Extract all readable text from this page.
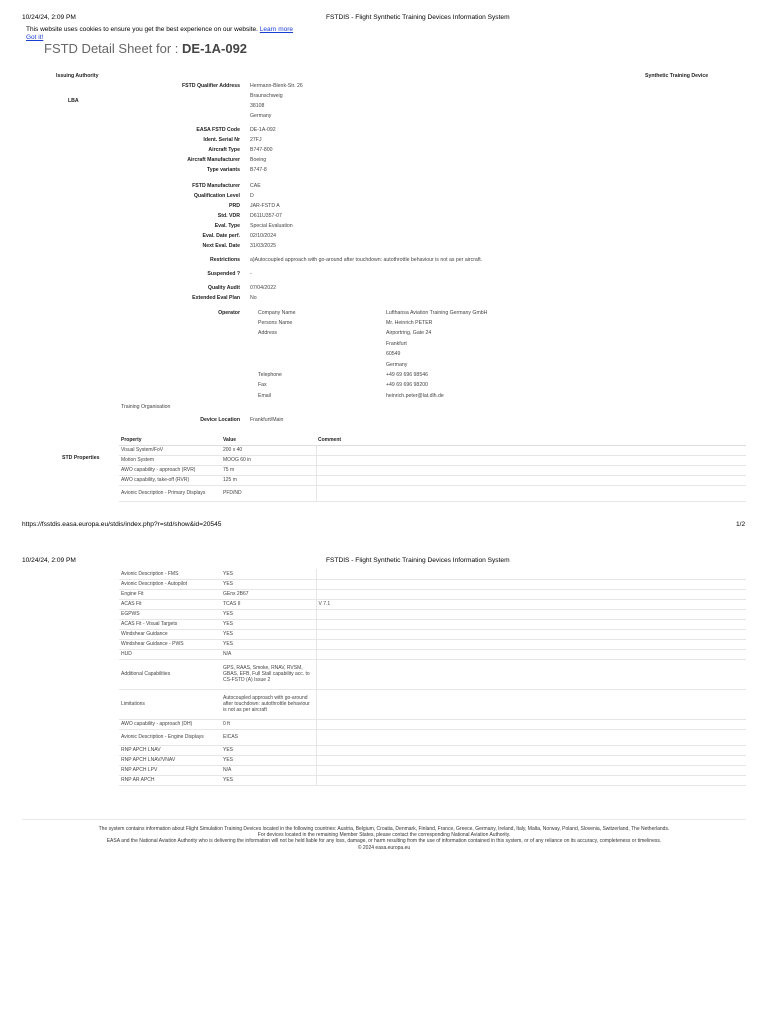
10/24/24, 2:09 PM	FSTDIS - Flight Synthetic Training Devices Information System
This website uses cookies to ensure you get the best experience on our website. Learn more
Got it!
FSTD Detail Sheet for : DE-1A-092
Issuing Authority
LBA
Synthetic Training Device
FSTD Qualifier Address Hermann-Blenk-Str. 26
Braunschweig
38108
Germany
EASA FSTD Code DE-1A-092
Ident. Serial Nr 27FJ
Aircraft Type B747-800
Aircraft Manufacturer Boeing
Type variants B747-8
FSTD Manufacturer CAE
Qualification Level D
PRD JAR-FSTD A
Std. VDR D611U357-07
Eval. Type Special Evaluation
Eval. Date perf. 02/10/2024
Next Eval. Date 31/03/2025
Restrictions a)Autocoupled approach with go-around after touchdown: autothrottle behaviour is not as per aircraft.
Suspended ? -
Quality Audit 07/04/2022
Extended Eval Plan No
Operator	Company Name	Lufthansa Aviation Training Germany GmbH
Persons Name	Mr. Heinrich PETER
Address	Airportring, Gate 24
Frankfurt
60549
Germany
Telephone	+49 69 696 98546
Fax	+49 69 696 98200
Email	heinrich.peter@lat.dlh.de
Training Organisation
Device Location Frankfurt/Main
STD Properties
Property	Value	Comment
Visual System/FoV	200 x 40	
Motion System	MOOG 60 in	
AWO capability - approach (RVR)	75 m	
AWO capability, take-off (RVR)	125 m	
Avionic Description - Primary Displays	PFD/ND	
https://fsstdis.easa.europa.eu/stdis/index.php?r=std/show&id=20545	1/2
10/24/24, 2:09 PM	FSTDIS - Flight Synthetic Training Devices Information System
Avionic Description - FMS	YES	
Avionic Description - Autopilot	YES	
Engine Fit	GEnx 2B67	
ACAS Fit	TCAS II	V 7.1
EGPWS	YES	
ACAS Fit - Visual Targets	YES	
Windshear Guidance	YES	
Windshear Guidance - PWS	YES	
HUD	N/A	
Additional Capabilities	GPS, RAAS, Smoke, RNAV, RVSM, GBAS, EFB, Full Stall capability acc. to CS-FSTD (A) Issue 2	
Limitations	Autocoupled approach with go-around after touchdown: autothrottle behaviour is not as per aircraft	
AWO capability - approach (DH)	0 ft	
Avionic Description - Engine Displays	EICAS	
RNP APCH LNAV	YES	
RNP APCH LNAV/VNAV	YES	
RNP APCH LPV	N/A	
RNP AR APCH	YES	
The system contains information about Flight Simulation Training Devices located in the following countries: Austria, Belgium, Croatia, Denmark, Finland, France, Greece, Germany, Ireland, Italy, Malta, Norway, Poland, Slovenia, Switzerland, The Netherlands.
For devices located in the remaining Member States, please contact the corresponding National Aviation Authority.
EASA and the National Aviation Authority who is delivering the information will not be held liable for any loss, damage, or harm resulting from the use of information contained in this system, or of any reliance on its accuracy, completeness or timeliness.
© 2024 easa.europa.eu
